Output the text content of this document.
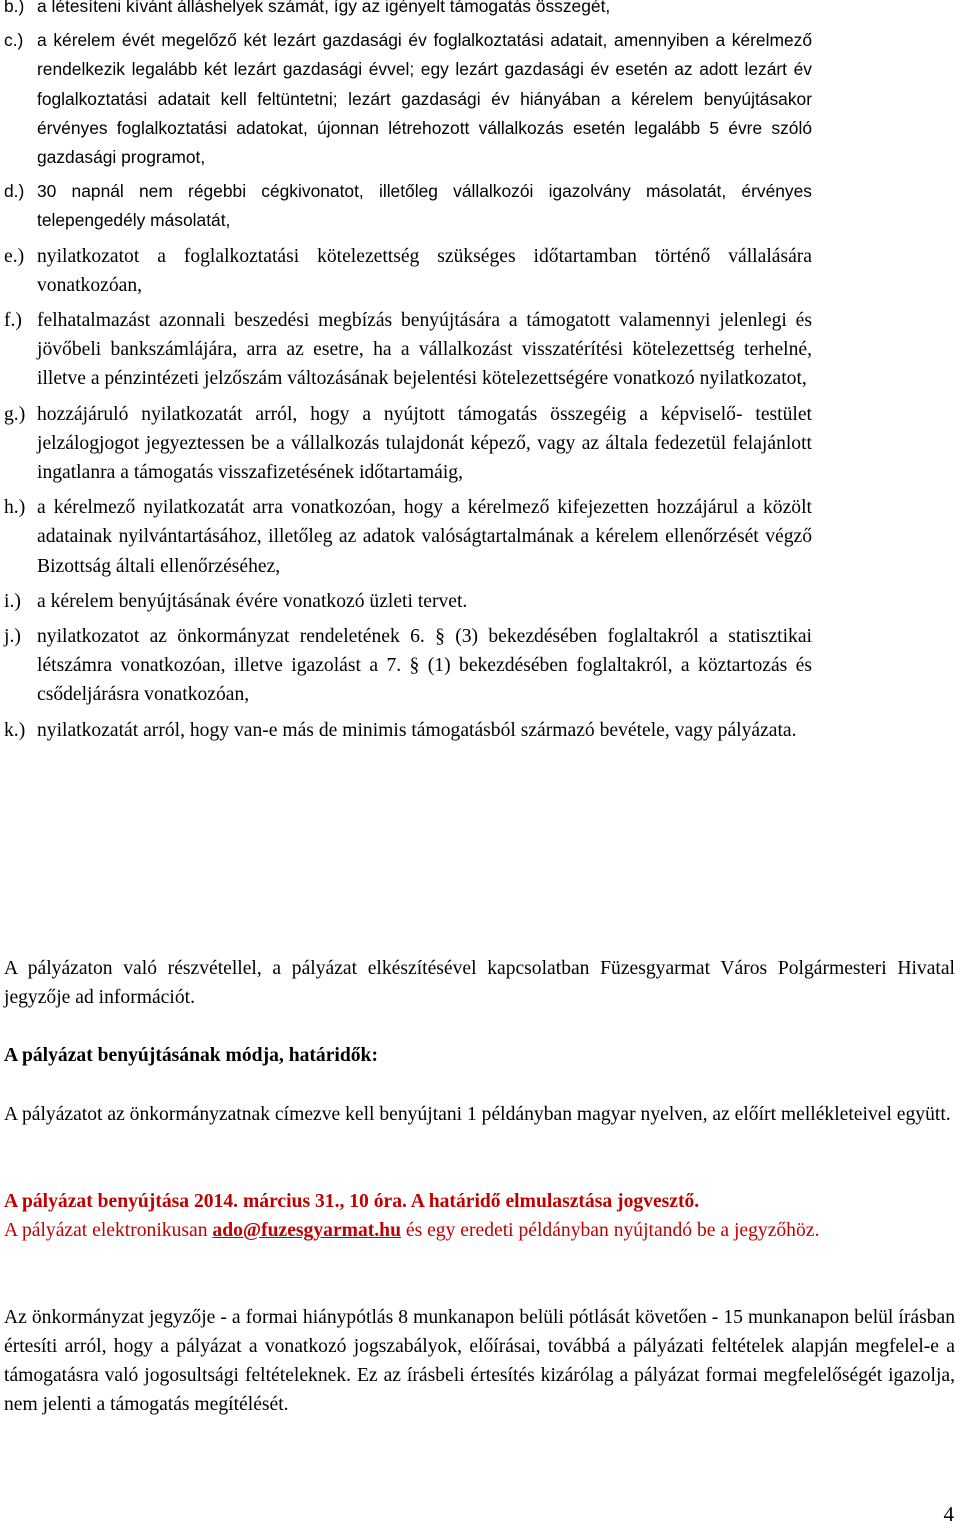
b.) a létesíteni kívánt álláshelyek számát, így az igényelt támogatás összegét,
c.) a kérelem évét megelőző két lezárt gazdasági év foglalkoztatási adatait, amennyiben a kérelmező rendelkezik legalább két lezárt gazdasági évvel; egy lezárt gazdasági év esetén az adott lezárt év foglalkoztatási adatait kell feltüntetni; lezárt gazdasági év hiányában a kérelem benyújtásakor érvényes foglalkoztatási adatokat, újonnan létrehozott vállalkozás esetén legalább 5 évre szóló gazdasági programot,
d.) 30 napnál nem régebbi cégkivonatot, illetőleg vállalkozói igazolvány másolatát, érvényes telepengedély másolatát,
e.) nyilatkozatot a foglalkoztatási kötelezettség szükséges időtartamban történő vállalására vonatkozóan,
f.) felhatalmazást azonnali beszedési megbízás benyújtására a támogatott valamennyi jelenlegi és jövőbeli bankszámlájára, arra az esetre, ha a vállalkozást visszatérítési kötelezettség terhelné, illetve a pénzintézeti jelzőszám változásának bejelentési kötelezettségére vonatkozó nyilatkozatot,
g.) hozzájáruló nyilatkozatát arról, hogy a nyújtott támogatás összegéig a képviselő- testület jelzálogjogot jegyeztessen be a vállalkozás tulajdonát képező, vagy az általa fedezetül felajánlott ingatlanra a támogatás visszafizetésének időtartamáig,
h.) a kérelmező nyilatkozatát arra vonatkozóan, hogy a kérelmező kifejezetten hozzájárul a közölt adatainak nyilvántartásához, illetőleg az adatok valóságtartalmának a kérelem ellenőrzését végző Bizottság általi ellenőrzéséhez,
i.) a kérelem benyújtásának évére vonatkozó üzleti tervet.
j.) nyilatkozatot az önkormányzat rendeletének 6. § (3) bekezdésében foglaltakról a statisztikai létszámra vonatkozóan, illetve igazolást a 7. § (1) bekezdésében foglaltakról, a köztartozás és csődeljárásra vonatkozóan,
k.) nyilatkozatát arról, hogy van-e más de minimis támogatásból származó bevétele, vagy pályázata.
A pályázaton való részvétellel, a pályázat elkészítésével kapcsolatban Füzesgyarmat Város Polgármesteri Hivatal jegyzője ad információt.
A pályázat benyújtásának módja, határidők:
A pályázatot az önkormányzatnak címezve kell benyújtani 1 példányban magyar nyelven, az előírt mellékleteivel együtt.
A pályázat benyújtása 2014. március 31., 10 óra. A határidő elmulasztása jogvesztő.
A pályázat elektronikusan ado@fuzesgyarmat.hu és egy eredeti példányban nyújtandó be a jegyzőhöz.
Az önkormányzat jegyzője - a formai hiánypótlás 8 munkanapon belüli pótlását követően - 15 munkanapon belül írásban értesíti arról, hogy a pályázat a vonatkozó jogszabályok, előírásai, továbbá a pályázati feltételek alapján megfelel-e a támogatásra való jogosultsági feltételeknek. Ez az írásbeli értesítés kizárólag a pályázat formai megfelelőségét igazolja, nem jelenti a támogatás megítélését.
4
